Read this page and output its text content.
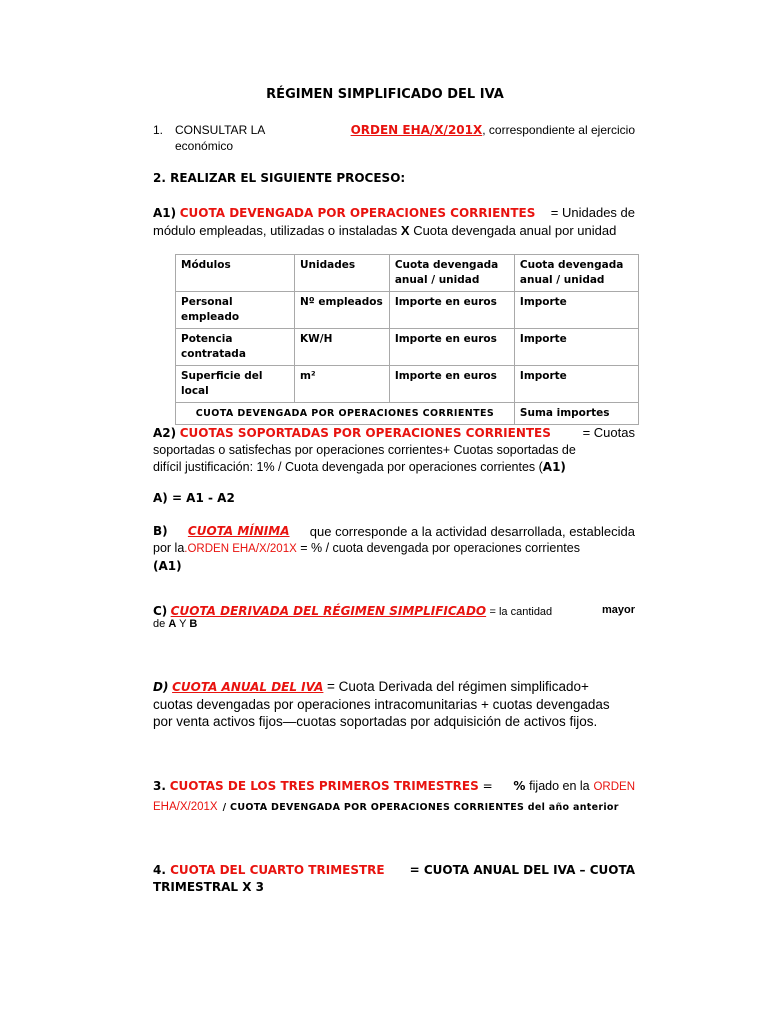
RÉGIMEN SIMPLIFICADO DEL IVA
1. CONSULTAR LA	ORDEN EHA/X/201X, correspondiente al ejercicio
económico
2. REALIZAR EL SIGUIENTE PROCESO:
A1) CUOTA DEVENGADA POR OPERACIONES CORRIENTES = Unidades de
módulo empleadas, utilizadas o instaladas X Cuota devengada anual por unidad
Módulos	Unidades	Cuota devengada anual / unidad	Cuota devengada anual / unidad
Personal empleado	Nº empleados	Importe en euros	Importe
Potencia contratada	KW/H	Importe en euros	Importe
Superficie del local	m²	Importe en euros	Importe
CUOTA DEVENGADA POR OPERACIONES CORRIENTES			Suma importes
A2) CUOTAS SOPORTADAS POR OPERACIONES CORRIENTES = Cuotas
soportadas o satisfechas por operaciones corrientes+ Cuotas soportadas de
difícil justificación: 1% / Cuota devengada por operaciones corrientes (A1)
A) = A1 - A2
B) CUOTA MÍNIMA que corresponde a la actividad desarrollada, establecida
por la.ORDEN EHA/X/201X = % / cuota devengada por operaciones corrientes
(A1)
C) CUOTA DERIVADA DEL RÉGIMEN SIMPLIFICADO = la cantidad	mayor
de A Y B
D) CUOTA ANUAL DEL IVA = Cuota Derivada del régimen simplificado+
cuotas devengadas por operaciones intracomunitarias + cuotas devengadas
por venta activos fijos—cuotas soportadas por adquisición de activos fijos.
3. CUOTAS DE LOS TRES PRIMEROS TRIMESTRES = % fijado en la ORDEN
EHA/X/201X / CUOTA DEVENGADA POR OPERACIONES CORRIENTES del año anterior
4. CUOTA DEL CUARTO TRIMESTRE = CUOTA ANUAL DEL IVA – CUOTA
TRIMESTRAL X 3
